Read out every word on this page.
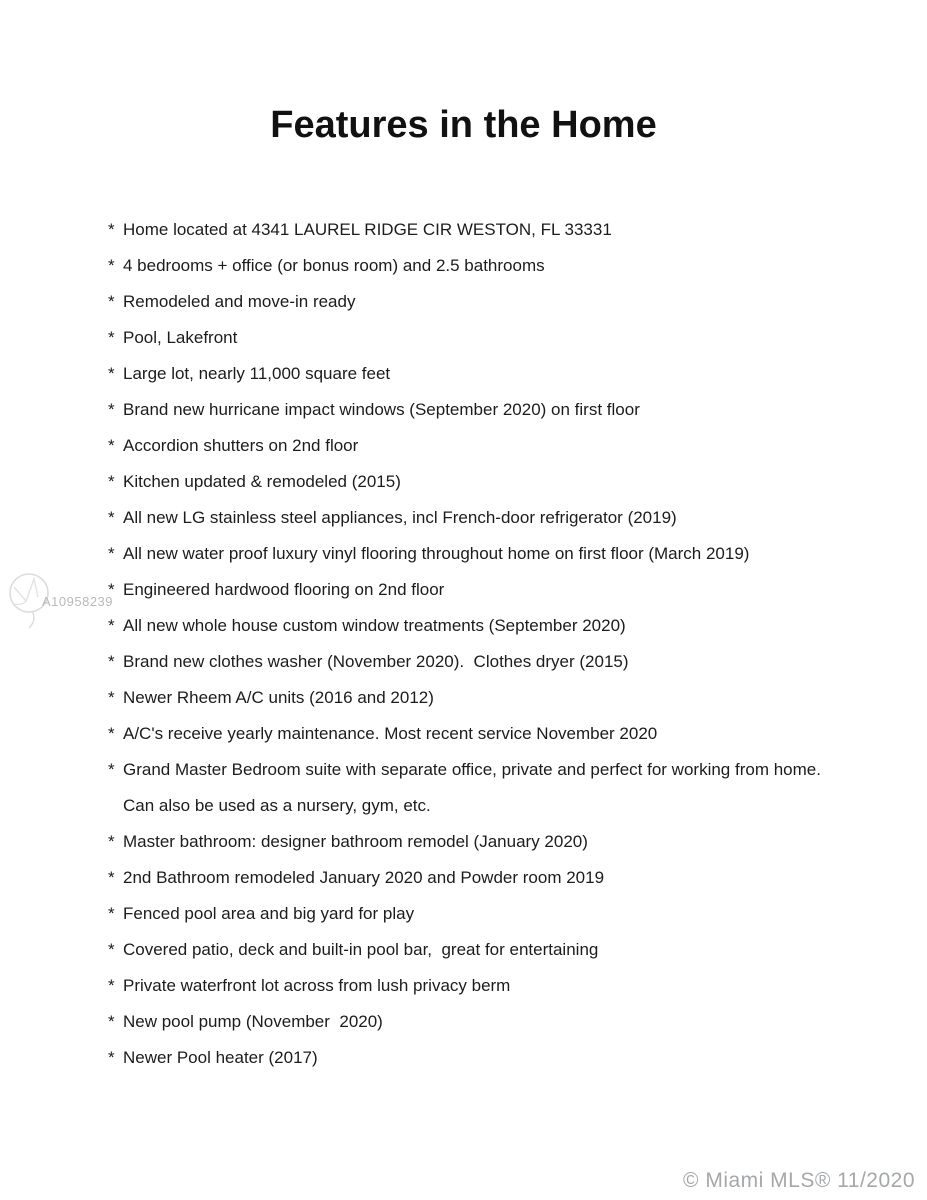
Features in the Home
* Home located at 4341 LAUREL RIDGE CIR WESTON, FL 33331
* 4 bedrooms + office (or bonus room) and 2.5 bathrooms
* Remodeled and move-in ready
* Pool, Lakefront
* Large lot, nearly 11,000 square feet
* Brand new hurricane impact windows (September 2020) on first floor
* Accordion shutters on 2nd floor
* Kitchen updated & remodeled (2015)
* All new LG stainless steel appliances, incl French-door refrigerator (2019)
* All new water proof luxury vinyl flooring throughout home on first floor (March 2019)
* Engineered hardwood flooring on 2nd floor
* All new whole house custom window treatments (September 2020)
* Brand new clothes washer (November 2020).  Clothes dryer (2015)
* Newer Rheem A/C units (2016 and 2012)
* A/C's receive yearly maintenance. Most recent service November 2020
* Grand Master Bedroom suite with separate office, private and perfect for working from home.
Can also be used as a nursery, gym, etc.
* Master bathroom: designer bathroom remodel (January 2020)
* 2nd Bathroom remodeled January 2020 and Powder room 2019
* Fenced pool area and big yard for play
* Covered patio, deck and built-in pool bar,  great for entertaining
* Private waterfront lot across from lush privacy berm
* New pool pump (November  2020)
* Newer Pool heater (2017)
A10958239
© Miami MLS® 11/2020
